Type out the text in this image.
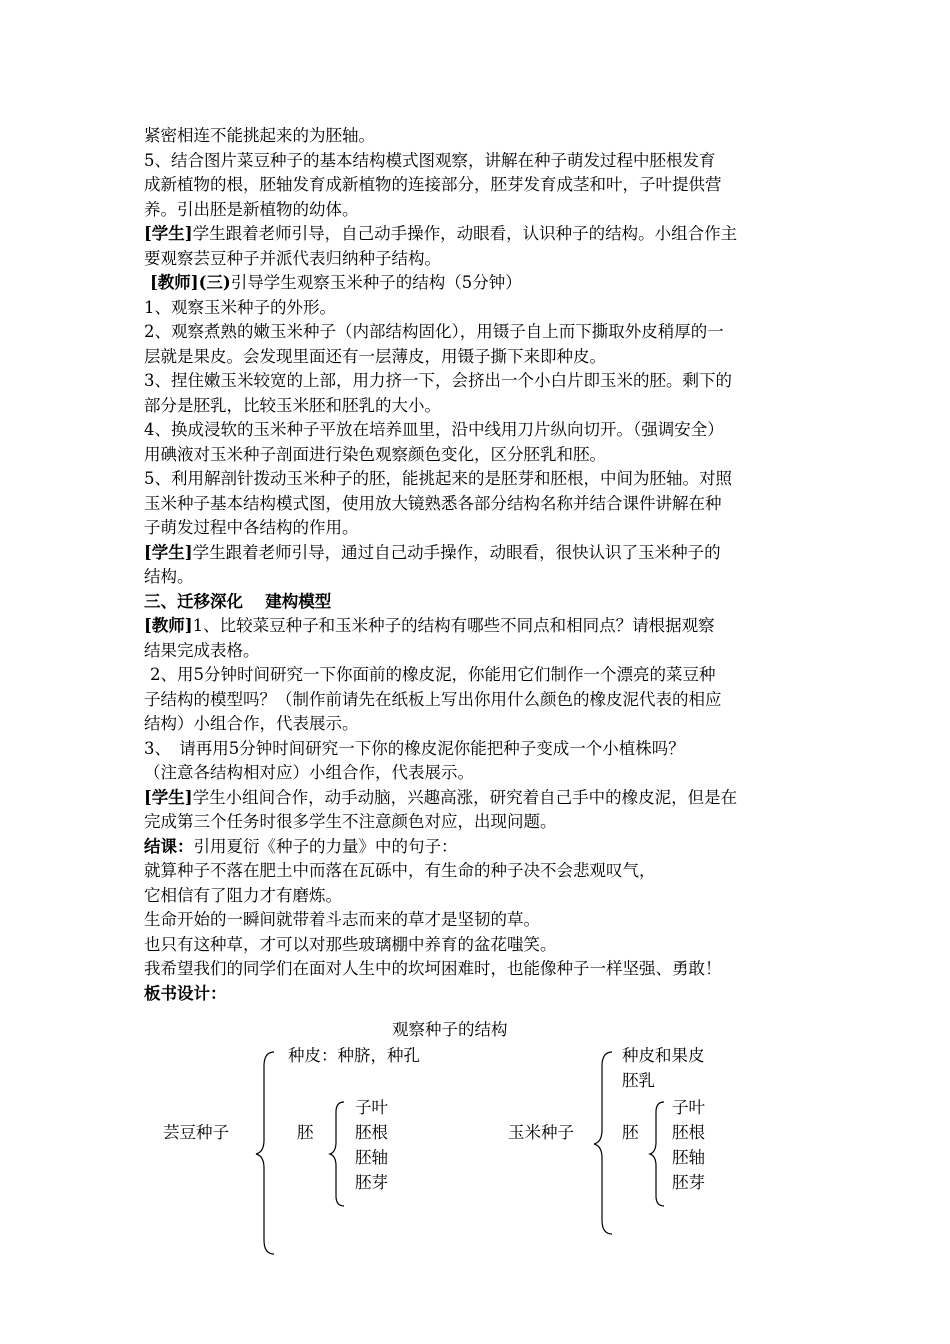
紧密相连不能挑起来的为胚轴。
5、结合图片菜豆种子的基本结构模式图观察，讲解在种子萌发过程中胚根发育
成新植物的根，胚轴发育成新植物的连接部分，胚芽发育成茎和叶，子叶提供营
养。引出胚是新植物的幼体。
[学生]学生跟着老师引导，自己动手操作，动眼看，认识种子的结构。小组合作主
要观察芸豆种子并派代表归纳种子结构。
[教师](三)引导学生观察玉米种子的结构（5分钟）
1、观察玉米种子的外形。
2、观察煮熟的嫩玉米种子（内部结构固化），用镊子自上而下撕取外皮稍厚的一
层就是果皮。会发现里面还有一层薄皮，用镊子撕下来即种皮。
3、捏住嫩玉米较宽的上部，用力挤一下，会挤出一个小白片即玉米的胚。剩下的
部分是胚乳，比较玉米胚和胚乳的大小。
4、换成浸软的玉米种子平放在培养皿里，沿中线用刀片纵向切开。（强调安全）
用碘液对玉米种子剖面进行染色观察颜色变化，区分胚乳和胚。
5、利用解剖针拨动玉米种子的胚，能挑起来的是胚芽和胚根，中间为胚轴。对照
玉米种子基本结构模式图，使用放大镜熟悉各部分结构名称并结合课件讲解在种
子萌发过程中各结构的作用。
[学生]学生跟着老师引导，通过自己动手操作，动眼看，很快认识了玉米种子的
结构。
三、迁移深化　 建构模型
[教师]1、比较菜豆种子和玉米种子的结构有哪些不同点和相同点？请根据观察
结果完成表格。
2、用5分钟时间研究一下你面前的橡皮泥，你能用它们制作一个漂亮的菜豆种
子结构的模型吗？（制作前请先在纸板上写出你用什么颜色的橡皮泥代表的相应
结构）小组合作，代表展示。
3、　请再用5分钟时间研究一下你的橡皮泥你能把种子变成一个小植株吗？
（注意各结构相对应）小组合作，代表展示。
[学生]学生小组间合作，动手动脑，兴趣高涨，研究着自己手中的橡皮泥，但是在
完成第三个任务时很多学生不注意颜色对应，出现问题。
结课：引用夏衍《种子的力量》中的句子：
就算种子不落在肥土中而落在瓦砾中，有生命的种子决不会悲观叹气，
它相信有了阻力才有磨炼。
生命开始的一瞬间就带着斗志而来的草才是坚韧的草。
也只有这种草，才可以对那些玻璃棚中养育的盆花嗤笑。
我希望我们的同学们在面对人生中的坎坷困难时，也能像种子一样坚强、勇敢！
板书设计：
观察种子的结构
芸豆种子
种皮：种脐，种孔
胚
子叶
胚根
胚轴
胚芽
玉米种子
种皮和果皮
胚乳
胚
子叶
胚根
胚轴
胚芽
